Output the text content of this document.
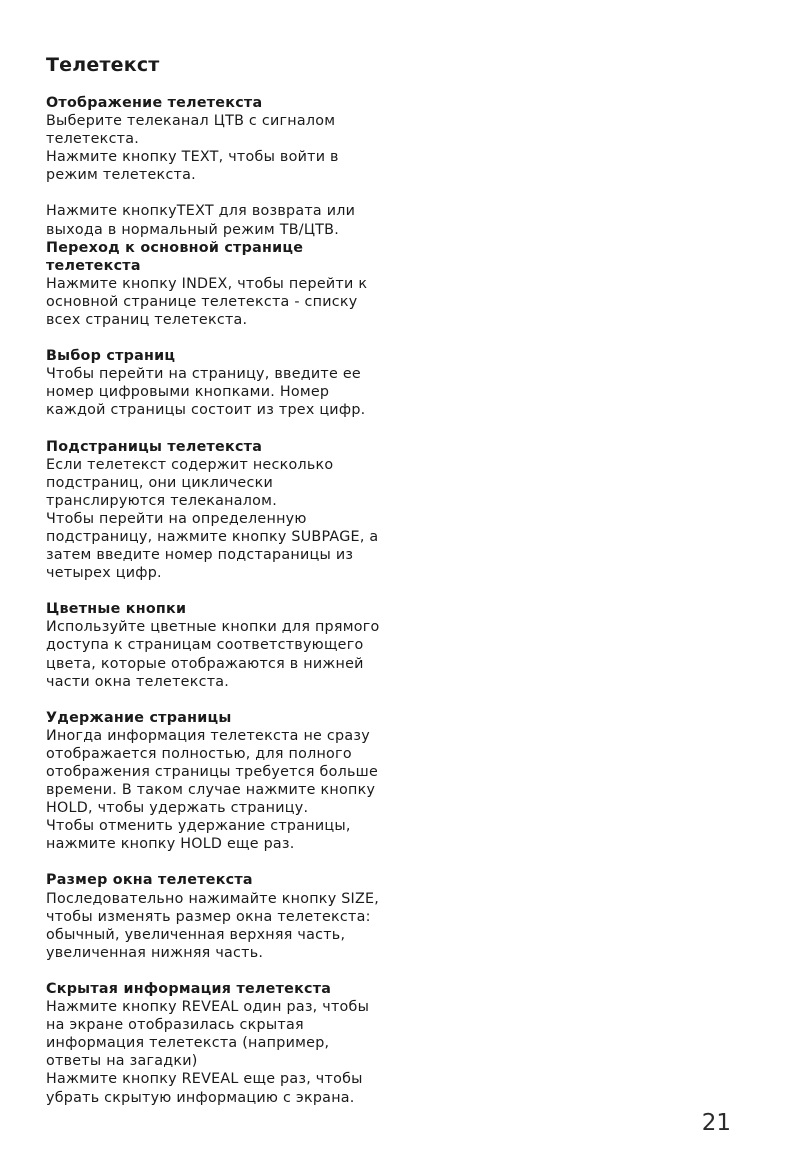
Телетекст
Отображение телетекста
Выберите телеканал ЦТВ с сигналом телетекста.
Нажмите кнопку TEXT, чтобы войти в режим телетекста.
Нажмите кнопкуTEXT для возврата или выхода в нормальный режим ТВ/ЦТВ.
Переход к основной странице телетекста
Нажмите кнопку INDEX, чтобы перейти к основной странице телетекста - списку всех страниц телетекста.
Выбор страниц
Чтобы перейти на страницу, введите ее номер цифровыми кнопками. Номер каждой страницы состоит из трех цифр.
Подстраницы телетекста
Если телетекст содержит несколько подстраниц, они циклически транслируются телеканалом.
Чтобы перейти на определенную подстраницу, нажмите кнопку SUBPAGE, а затем введите номер подстараницы из четырех цифр.
Цветные кнопки
Используйте цветные кнопки для прямого доступа к страницам соответствующего цвета, которые отображаются в нижней части окна телетекста.
Удержание страницы
Иногда информация телетекста не сразу отображается полностью, для полного отображения страницы требуется больше времени. В таком случае нажмите кнопку HOLD, чтобы удержать страницу.
Чтобы отменить удержание страницы, нажмите кнопку HOLD еще раз.
Размер окна телетекста
Последовательно нажимайте кнопку SIZE, чтобы изменять размер окна телетекста: обычный, увеличенная верхняя часть, увеличенная нижняя часть.
Скрытая информация телетекста
Нажмите кнопку REVEAL один раз, чтобы на экране отобразилась скрытая информация телетекста (например, ответы на загадки)
Нажмите кнопку REVEAL еще раз, чтобы убрать скрытую информацию с экрана.
21
